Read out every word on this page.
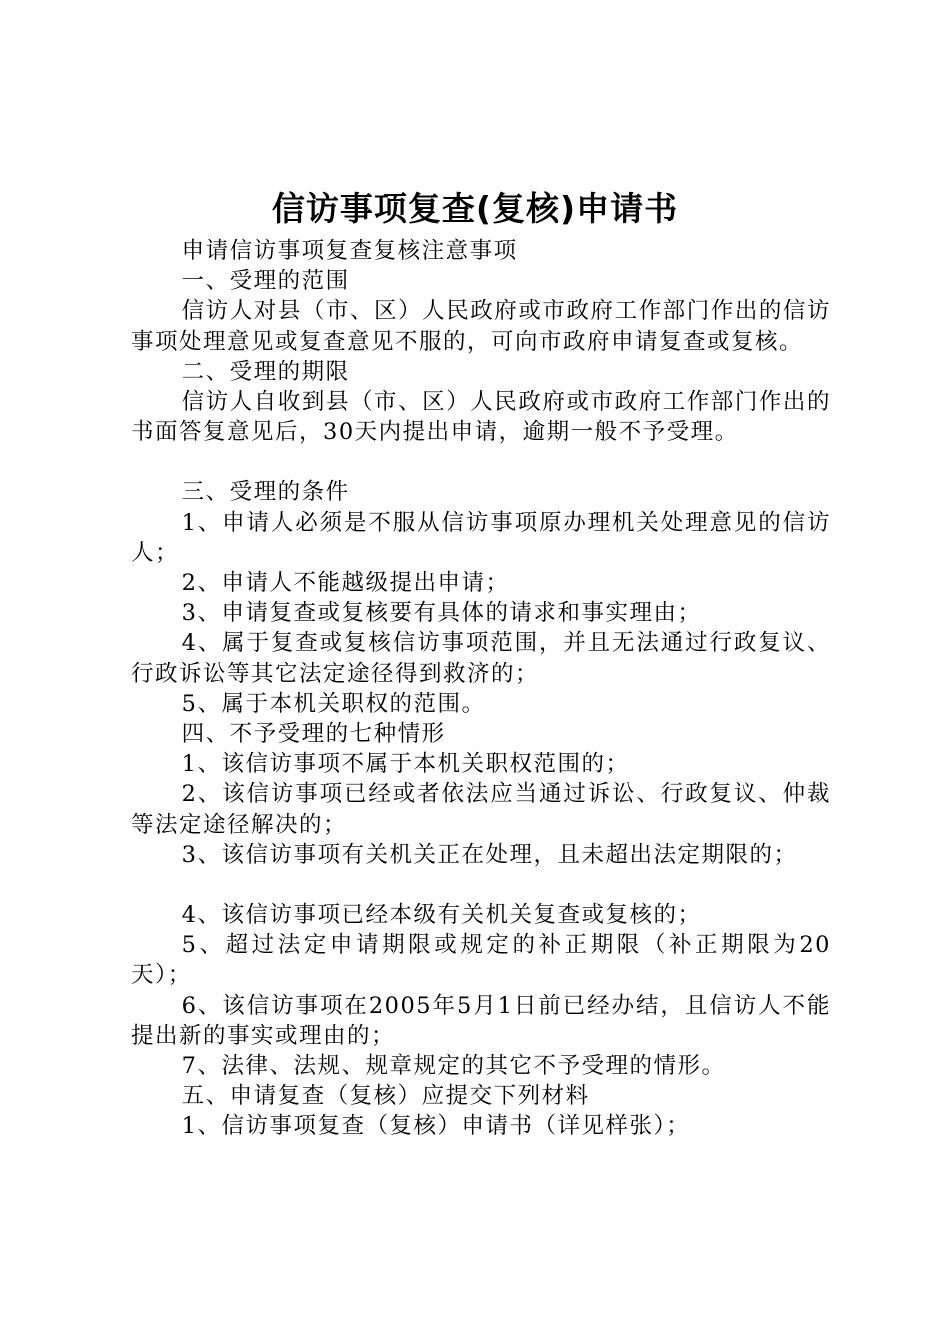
信访事项复查(复核)申请书

申请信访事项复查复核注意事项

一、受理的范围

信访人对县（市、区）人民政府或市政府工作部门作出的信访事项处理意见或复查意见不服的，可向市政府申请复查或复核。

二、受理的期限

信访人自收到县（市、区）人民政府或市政府工作部门作出的书面答复意见后，30天内提出申请，逾期一般不予受理。

三、受理的条件

1、申请人必须是不服从信访事项原办理机关处理意见的信访人；

2、申请人不能越级提出申请；

3、申请复查或复核要有具体的请求和事实理由；

4、属于复查或复核信访事项范围，并且无法通过行政复议、行政诉讼等其它法定途径得到救济的；

5、属于本机关职权的范围。

四、不予受理的七种情形

1、该信访事项不属于本机关职权范围的；

2、该信访事项已经或者依法应当通过诉讼、行政复议、仲裁等法定途径解决的；

3、该信访事项有关机关正在处理，且未超出法定期限的；

4、该信访事项已经本级有关机关复查或复核的；

5、超过法定申请期限或规定的补正期限（补正期限为20天）；

6、该信访事项在2005年5月1日前已经办结，且信访人不能提出新的事实或理由的；

7、法律、法规、规章规定的其它不予受理的情形。

五、申请复查（复核）应提交下列材料

1、信访事项复查（复核）申请书（详见样张）；
